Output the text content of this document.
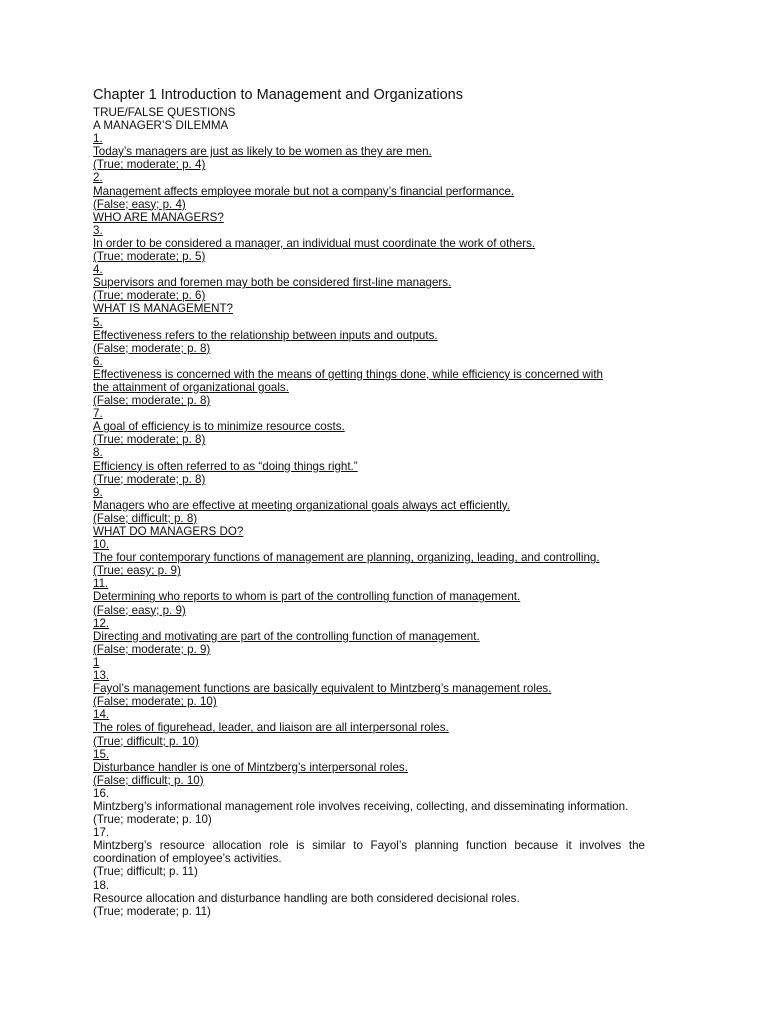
Chapter 1 Introduction to Management and Organizations
TRUE/FALSE QUESTIONS
A MANAGER’S DILEMMA
1.
Today’s managers are just as likely to be women as they are men.
(True; moderate; p. 4)
2.
Management affects employee morale but not a company’s financial performance.
(False; easy; p. 4)
WHO ARE MANAGERS?
3.
In order to be considered a manager, an individual must coordinate the work of others.
(True; moderate; p. 5)
4.
Supervisors and foremen may both be considered first-line managers.
(True; moderate; p. 6)
WHAT IS MANAGEMENT?
5.
Effectiveness refers to the relationship between inputs and outputs.
(False; moderate; p. 8)
6.
Effectiveness is concerned with the means of getting things done, while efficiency is concerned with
the attainment of organizational goals.
(False; moderate; p. 8)
7.
A goal of efficiency is to minimize resource costs.
(True; moderate; p. 8)
8.
Efficiency is often referred to as “doing things right.”
(True; moderate; p. 8)
9.
Managers who are effective at meeting organizational goals always act efficiently.
(False; difficult; p. 8)
WHAT DO MANAGERS DO?
10.
The four contemporary functions of management are planning, organizing, leading, and controlling.
(True; easy; p. 9)
11.
Determining who reports to whom is part of the controlling function of management.
(False; easy; p. 9)
12.
Directing and motivating are part of the controlling function of management.
(False; moderate; p. 9)
1
13.
Fayol’s management functions are basically equivalent to Mintzberg’s management roles.
(False; moderate; p. 10)
14.
The roles of figurehead, leader, and liaison are all interpersonal roles.
(True; difficult; p. 10)
15.
Disturbance handler is one of Mintzberg’s interpersonal roles.
(False; difficult; p. 10)
16.
Mintzberg’s informational management role involves receiving, collecting, and disseminating information.
(True; moderate; p. 10)
17.
Mintzberg’s resource allocation role is similar to Fayol’s planning function because it involves the coordination of employee’s activities.
(True; difficult; p. 11)
18.
Resource allocation and disturbance handling are both considered decisional roles.
(True; moderate; p. 11)
